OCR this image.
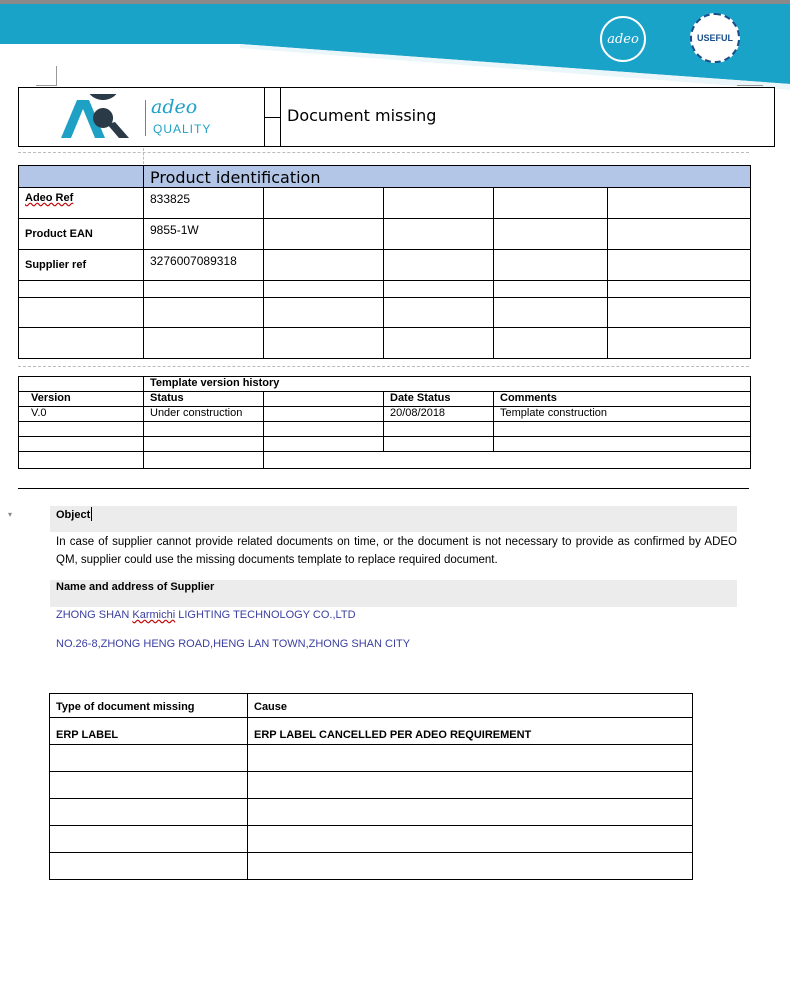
adeo	USEFUL
▾
adeo
QUALITY
Document missing
	Product identification				
Adeo Ref	833825				
Product EAN	9855-1W				
Supplier ref	3276007089318				

	Template version history			
Version	Status		Date Status	Comments
V.0	Under construction		20/08/2018	Template construction

Object
In case of supplier cannot provide related documents on time, or the document is not necessary to provide as confirmed by ADEO QM, supplier could use the missing documents template to replace required document.
Name and address of Supplier
ZHONG SHAN Karmichi LIGHTING TECHNOLOGY CO.,LTD
NO.26-8,ZHONG HENG ROAD,HENG LAN TOWN,ZHONG SHAN CITY
Type of document missing	Cause
ERP LABEL	ERP LABEL CANCELLED PER ADEO REQUIREMENT
